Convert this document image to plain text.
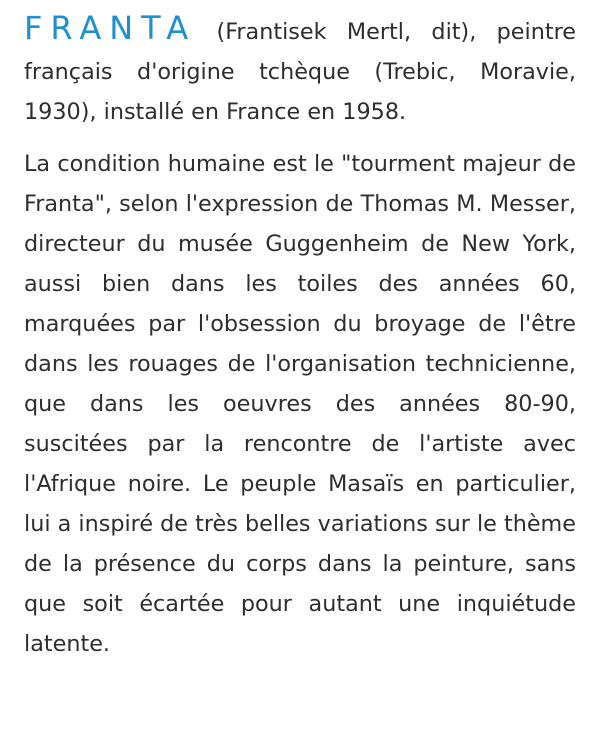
FRANTA (Frantisek Mertl, dit), peintre français d'origine tchèque (Trebic, Moravie, 1930), installé en France en 1958.

La condition humaine est le "tourment majeur de Franta", selon l'expression de Thomas M. Messer, directeur du musée Guggenheim de New York, aussi bien dans les toiles des années 60, marquées par l'obsession du broyage de l'être dans les rouages de l'organisation technicienne, que dans les oeuvres des années 80-90, suscitées par la rencontre de l'artiste avec l'Afrique noire. Le peuple Masaïs en particulier, lui a inspiré de très belles variations sur le thème de la présence du corps dans la peinture, sans que soit écartée pour autant une inquiétude latente.
